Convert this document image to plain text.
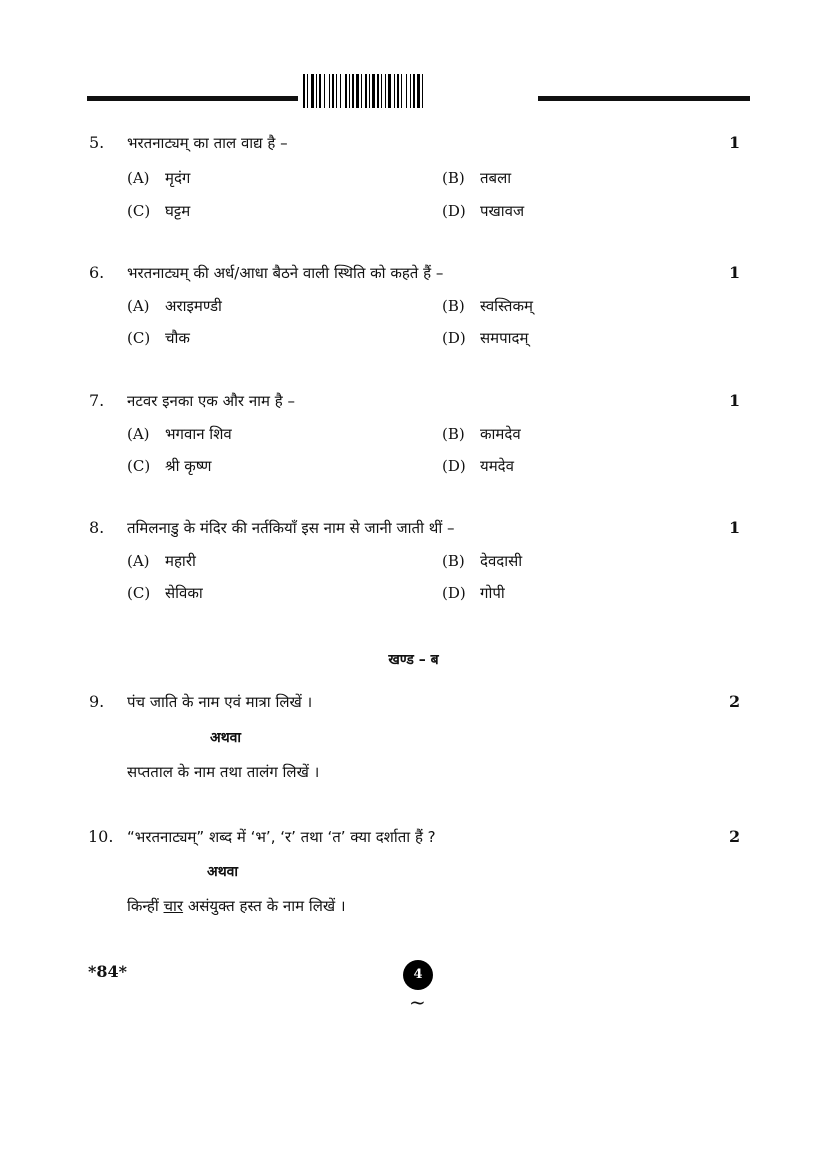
5. भरतनाट्यम् का ताल वाद्य है –	1
(A) मृदंग	(B) तबला
(C) घट्टम	(D) पखावज
6. भरतनाट्यम् की अर्ध/आधा बैठने वाली स्थिति को कहते हैं –	1
(A) अराइमण्डी	(B) स्वस्तिकम्
(C) चौक	(D) समपादम्
7. नटवर इनका एक और नाम है –	1
(A) भगवान शिव	(B) कामदेव
(C) श्री कृष्ण	(D) यमदेव
8. तमिलनाडु के मंदिर की नर्तकियाँ इस नाम से जानी जाती थीं –	1
(A) महारी	(B) देवदासी
(C) सेविका	(D) गोपी
खण्ड – ब
9. पंच जाति के नाम एवं मात्रा लिखें ।	2
अथवा
सप्तताल के नाम तथा तालंग लिखें ।
10. “भरतनाट्यम्” शब्द में ‘भ’, ‘र’ तथा ‘त’ क्या दर्शाता हैं ?	2
अथवा
किन्हीं चार असंयुक्त हस्त के नाम लिखें ।
*84*	4
~
